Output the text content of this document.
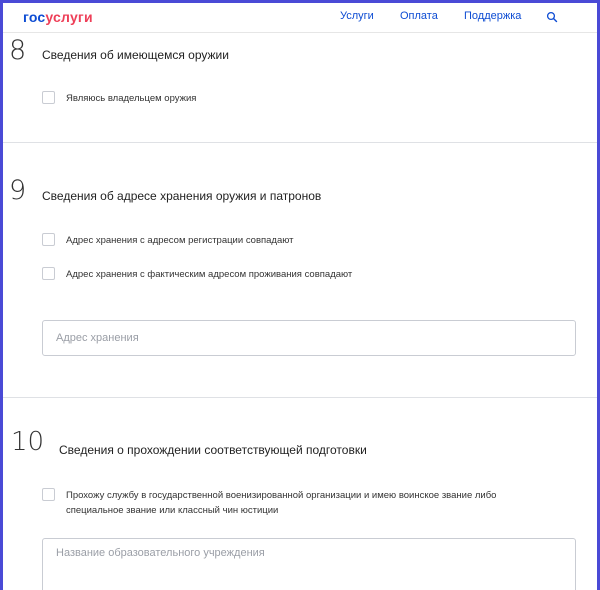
госуслуги	Услуги Оплата Поддержка
8 Сведения об имеющемся оружии
Являюсь владельцем оружия
9 Сведения об адресе хранения оружия и патронов
Адрес хранения с адресом регистрации совпадают
Адрес хранения с фактическим адресом проживания совпадают
Адрес хранения
10 Сведения о прохождении соответствующей подготовки
Прохожу службу в государственной военизированной организации и имею воинское звание либо
специальное звание или классный чин юстиции
Название образовательного учреждения
